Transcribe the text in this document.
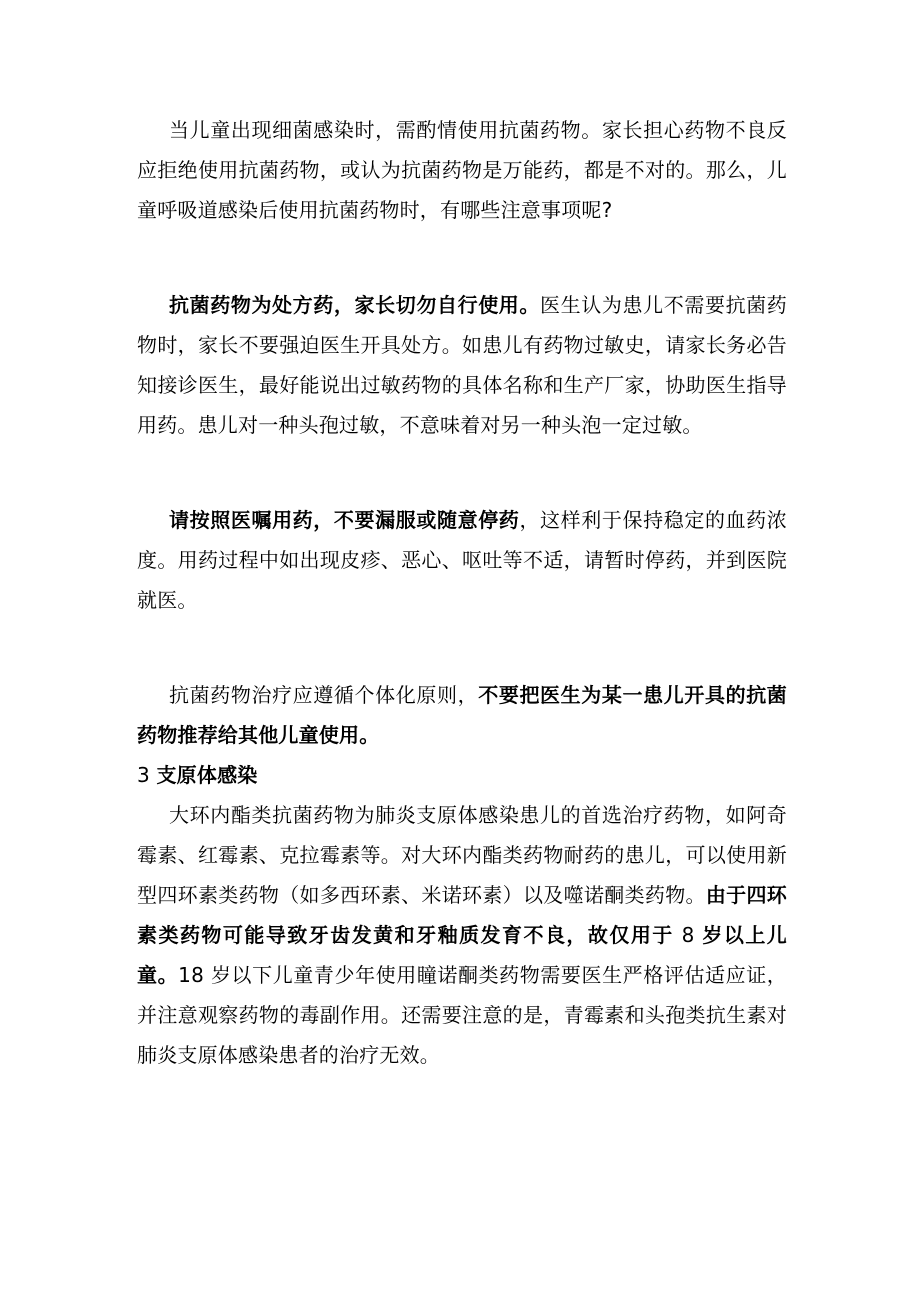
当儿童出现细菌感染时，需酌情使用抗菌药物。家长担心药物不良反应拒绝使用抗菌药物，或认为抗菌药物是万能药，都是不对的。那么，儿童呼吸道感染后使用抗菌药物时，有哪些注意事项呢?

抗菌药物为处方药，家长切勿自行使用。医生认为患儿不需要抗菌药物时，家长不要强迫医生开具处方。如患儿有药物过敏史，请家长务必告知接诊医生，最好能说出过敏药物的具体名称和生产厂家，协助医生指导用药。患儿对一种头孢过敏，不意味着对另一种头泡一定过敏。

请按照医嘱用药，不要漏服或随意停药，这样利于保持稳定的血药浓度。用药过程中如出现皮疹、恶心、呕吐等不适，请暂时停药，并到医院就医。

抗菌药物治疗应遵循个体化原则，不要把医生为某一患儿开具的抗菌药物推荐给其他儿童使用。

3 支原体感染

大环内酯类抗菌药物为肺炎支原体感染患儿的首选治疗药物，如阿奇霉素、红霉素、克拉霉素等。对大环内酯类药物耐药的患儿，可以使用新型四环素类药物（如多西环素、米诺环素）以及噬诺酮类药物。由于四环素类药物可能导致牙齿发黄和牙釉质发育不良，故仅用于 8 岁以上儿童。18 岁以下儿童青少年使用瞳诺酮类药物需要医生严格评估适应证，并注意观察药物的毒副作用。还需要注意的是，青霉素和头孢类抗生素对肺炎支原体感染患者的治疗无效。
